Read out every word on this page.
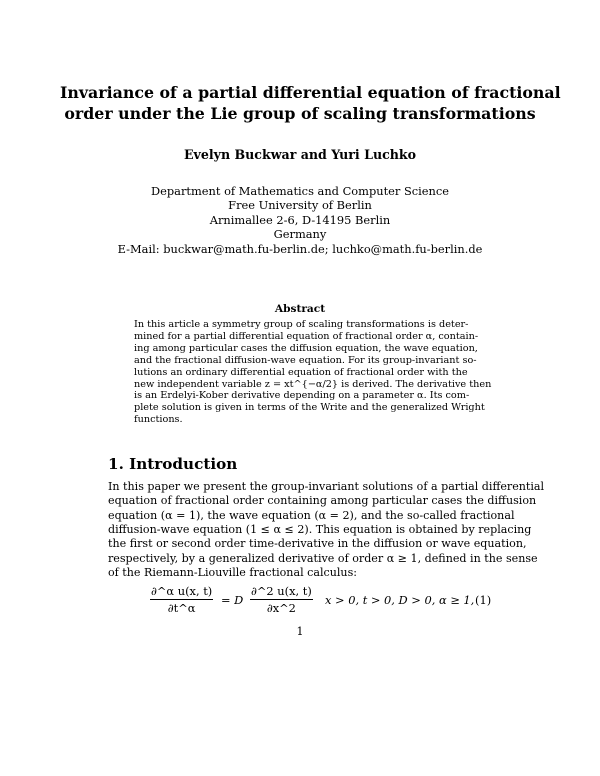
Invariance of a partial differential equation of fractional
order under the Lie group of scaling transformations
Evelyn Buckwar and Yuri Luchko
Department of Mathematics and Computer Science
Free University of Berlin
Arnimallee 2-6, D-14195 Berlin
Germany
E-Mail: buckwar@math.fu-berlin.de; luchko@math.fu-berlin.de
Abstract
In this article a symmetry group of scaling transformations is deter-
mined for a partial differential equation of fractional order α, contain-
ing among particular cases the diffusion equation, the wave equation,
and the fractional diffusion-wave equation. For its group-invariant so-
lutions an ordinary differential equation of fractional order with the
new independent variable z = xt^{−α/2} is derived. The derivative then
is an Erdelyi-Kober derivative depending on a parameter α. Its com-
plete solution is given in terms of the Write and the generalized Wright
functions.
1. Introduction
In this paper we present the group-invariant solutions of a partial differential
equation of fractional order containing among particular cases the diffusion
equation (α = 1), the wave equation (α = 2), and the so-called fractional
diffusion-wave equation (1 ≤ α ≤ 2). This equation is obtained by replacing
the first or second order time-derivative in the diffusion or wave equation,
respectively, by a generalized derivative of order α ≥ 1, defined in the sense
of the Riemann-Liouville fractional calculus:
$\frac{\text{∂\textasciicircum{}α u(x, t)}}{\partial t\^{}\alpha} = D \frac{\partial\^{}2 u(x, t)}{\partial x\^{}2}$ x > 0, t > 0, D > 0, α ≥ 1, (1)
1
